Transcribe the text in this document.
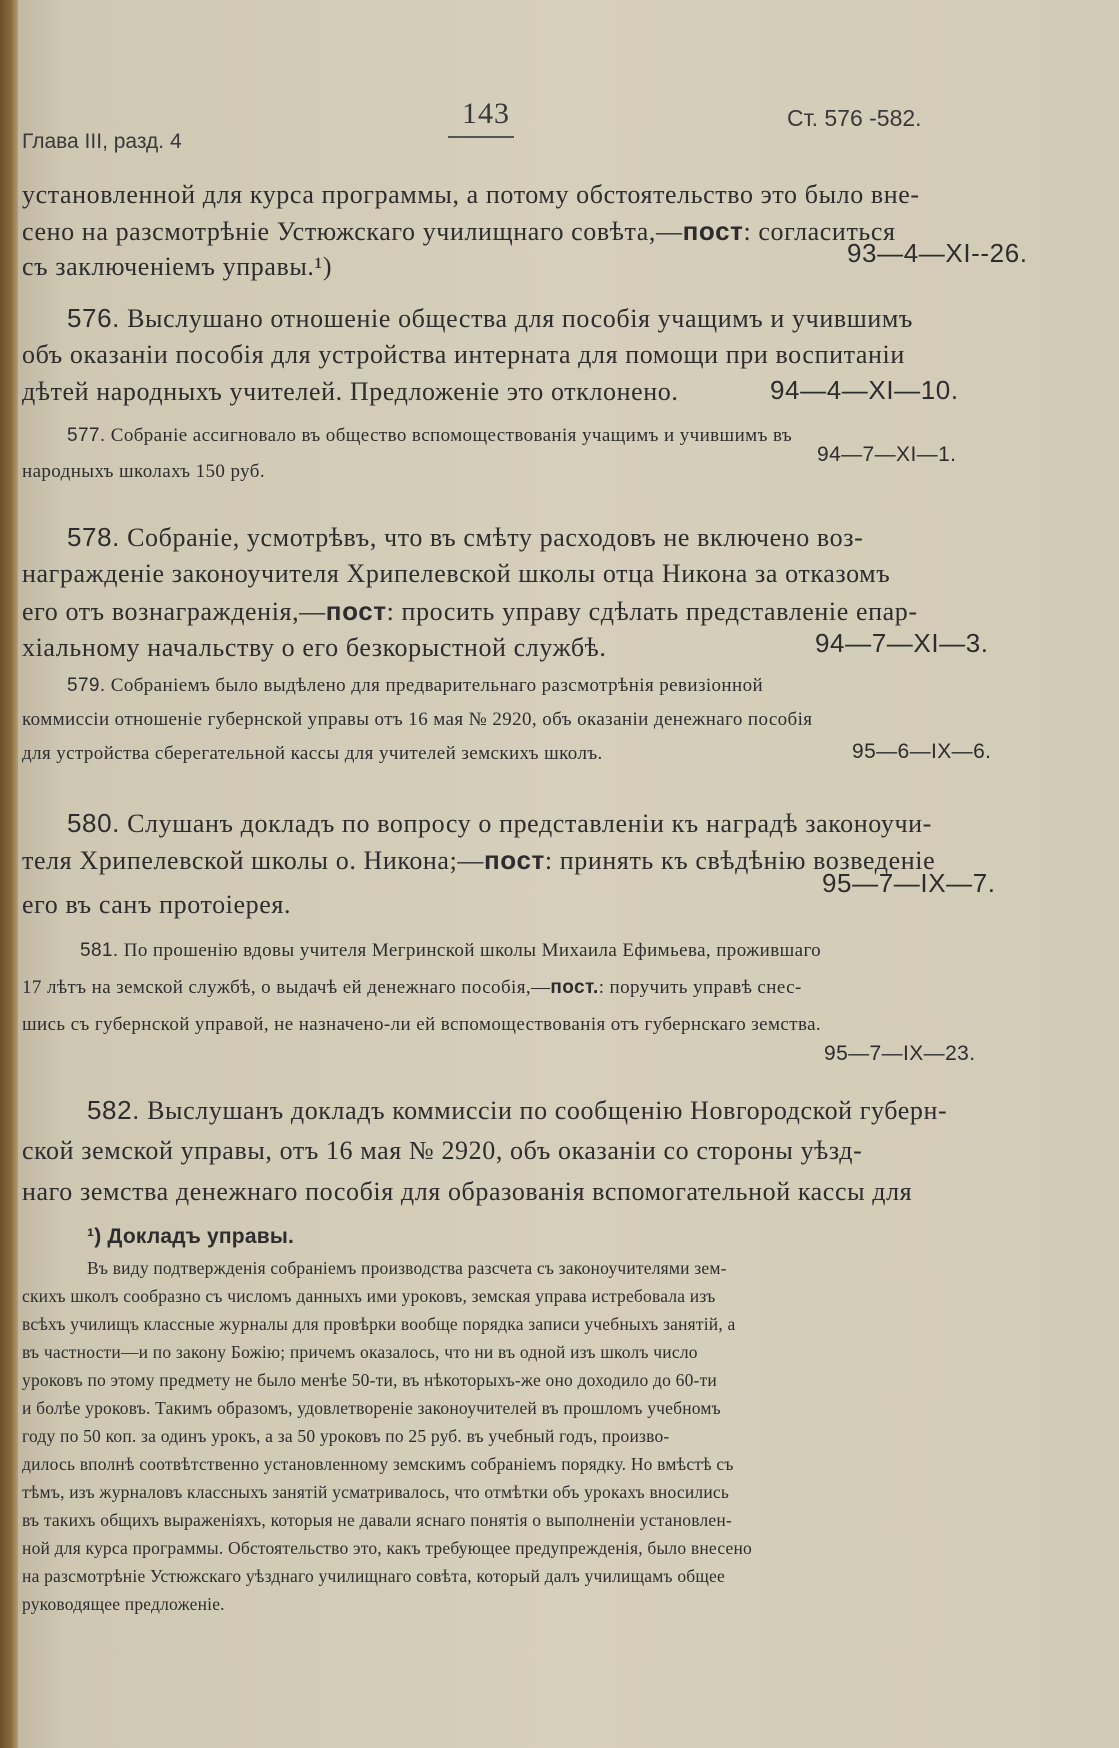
Глава III, разд. 4
143	Ст. 576 -582.
установленной для курса программы, а потому обстоятельство это было вне-
сено на разсмотрѣніе Устюжскаго училищнаго совѣта,—пост: согласиться
съ заключеніемъ управы.¹)	93—4—XI--26.
576. Выслушано отношеніе общества для пособія учащимъ и учившимъ
объ оказаніи пособія для устройства интерната для помощи при воспитаніи
дѣтей народныхъ учителей. Предложеніе это отклонено.	94—4—XI—10.
577. Собраніе ассигновало въ общество вспомоществованія учащимъ и учившимъ въ
народныхъ школахъ 150 руб.
94—7—XI—1.
578. Собраніе, усмотрѣвъ, что въ смѣту расходовъ не включено воз-
награжденіе законоучителя Хрипелевской школы отца Никона за отказомъ
его отъ вознагражденія,—пост: просить управу сдѣлать представленіе епар-
хіальному начальству о его безкорыстной службѣ.	94—7—XI—3.
579. Собраніемъ было выдѣлено для предварительнаго разсмотрѣнія ревизіонной
коммиссіи отношеніе губернской управы отъ 16 мая № 2920, объ оказаніи денежнаго пособія
для устройства сберегательной кассы для учителей земскихъ школъ.	95—6—IX—6.
580. Слушанъ докладъ по вопросу о представленіи къ наградѣ законоучи-
теля Хрипелевской школы о. Никона;—пост: принять къ свѣдѣнію возведеніе
его въ санъ протоіерея.
95—7—IX—7.
581. По прошенію вдовы учителя Мегринской школы Михаила Ефимьева, прожившаго
17 лѣтъ на земской службѣ, о выдачѣ ей денежнаго пособія,—пост.: поручить управѣ снес-
шись съ губернской управой, не назначено-ли ей вспомоществованія отъ губернскаго земства.
95—7—IX—23.
582. Выслушанъ докладъ коммиссіи по сообщенію Новгородской губерн-
ской земской управы, отъ 16 мая № 2920, объ оказаніи со стороны уѣзд-
наго земства денежнаго пособія для образованія вспомогательной кассы для
¹) Докладъ управы.
Въ виду подтвержденія собраніемъ производства разсчета съ законоучителями зем-
скихъ школъ сообразно съ числомъ данныхъ ими уроковъ, земская управа истребовала изъ
всѣхъ училищъ классные журналы для провѣрки вообще порядка записи учебныхъ занятій, а
въ частности—и по закону Божію; причемъ оказалось, что ни въ одной изъ школъ число
уроковъ по этому предмету не было менѣе 50-ти, въ нѣкоторыхъ-же оно доходило до 60-ти
и болѣе уроковъ. Такимъ образомъ, удовлетвореніе законоучителей въ прошломъ учебномъ
году по 50 коп. за одинъ урокъ, а за 50 уроковъ по 25 руб. въ учебный годъ, произво-
дилось вполнѣ соотвѣтственно установленному земскимъ собраніемъ порядку. Но вмѣстѣ съ
тѣмъ, изъ журналовъ классныхъ занятій усматривалось, что отмѣтки объ урокахъ вносились
въ такихъ общихъ выраженіяхъ, которыя не давали яснаго понятія о выполненіи установлен-
ной для курса программы. Обстоятельство это, какъ требующее предупрежденія, было внесено
на разсмотрѣніе Устюжскаго уѣзднаго училищнаго совѣта, который далъ училищамъ общее
руководящее предложеніе.
